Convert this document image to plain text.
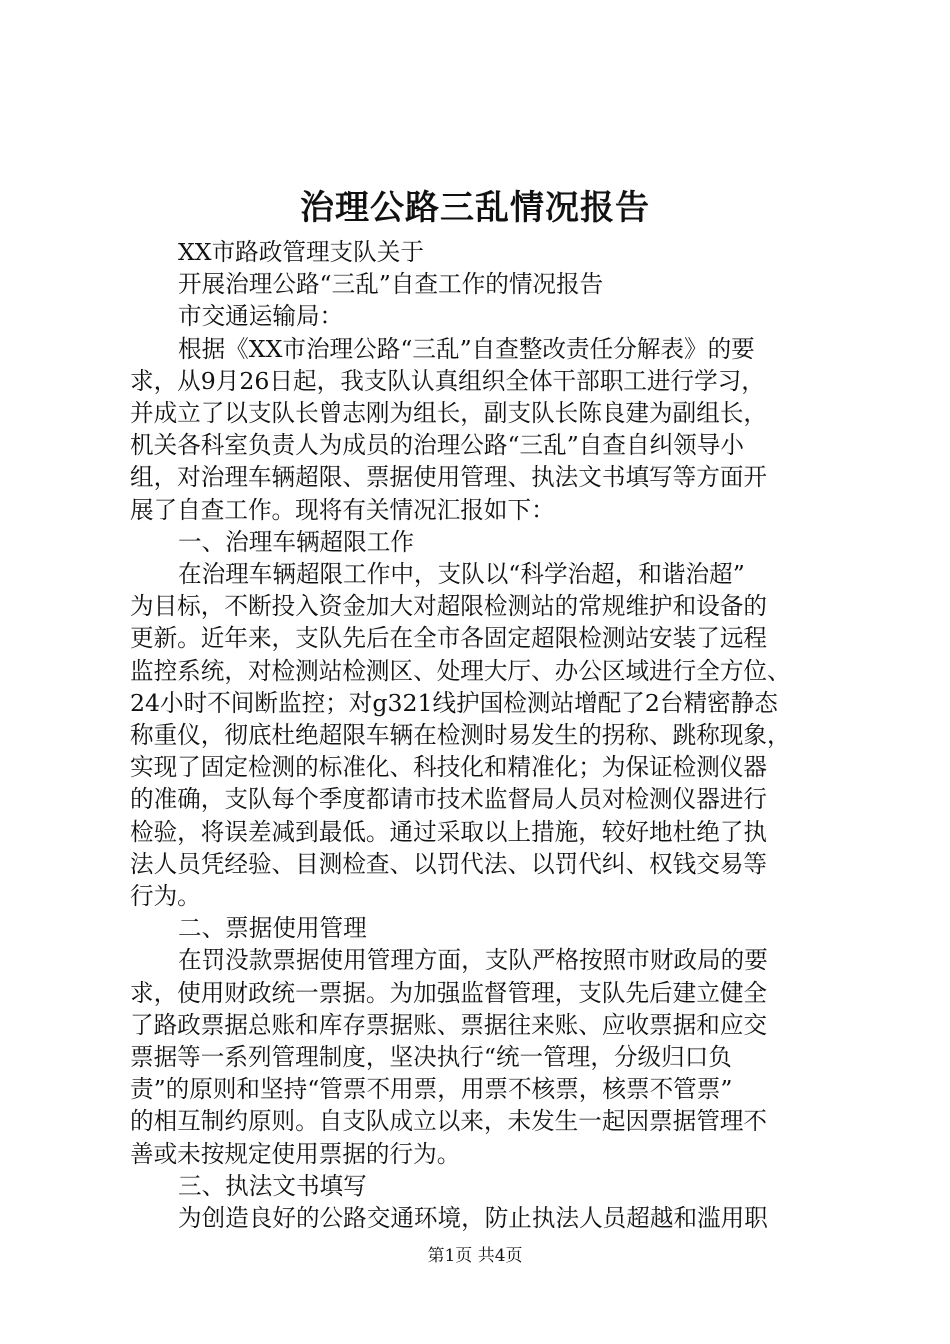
治理公路三乱情况报告
XX市路政管理支队关于
开展治理公路“三乱”自查工作的情况报告
市交通运输局：
根据《XX市治理公路“三乱”自查整改责任分解表》的要
求，从9月26日起，我支队认真组织全体干部职工进行学习，
并成立了以支队长曾志刚为组长，副支队长陈良建为副组长，
机关各科室负责人为成员的治理公路“三乱”自查自纠领导小
组，对治理车辆超限、票据使用管理、执法文书填写等方面开
展了自查工作。现将有关情况汇报如下：
一、治理车辆超限工作
在治理车辆超限工作中，支队以“科学治超，和谐治超”
为目标，不断投入资金加大对超限检测站的常规维护和设备的
更新。近年来，支队先后在全市各固定超限检测站安装了远程
监控系统，对检测站检测区、处理大厅、办公区域进行全方位、
24小时不间断监控；对g321线护国检测站增配了2台精密静态
称重仪，彻底杜绝超限车辆在检测时易发生的拐称、跳称现象，
实现了固定检测的标准化、科技化和精准化；为保证检测仪器
的准确，支队每个季度都请市技术监督局人员对检测仪器进行
检验，将误差减到最低。通过采取以上措施，较好地杜绝了执
法人员凭经验、目测检查、以罚代法、以罚代纠、权钱交易等
行为。
二、票据使用管理
在罚没款票据使用管理方面，支队严格按照市财政局的要
求，使用财政统一票据。为加强监督管理，支队先后建立健全
了路政票据总账和库存票据账、票据往来账、应收票据和应交
票据等一系列管理制度，坚决执行“统一管理，分级归口负
责”的原则和坚持“管票不用票，用票不核票，核票不管票”
的相互制约原则。自支队成立以来，未发生一起因票据管理不
善或未按规定使用票据的行为。
三、执法文书填写
为创造良好的公路交通环境，防止执法人员超越和滥用职
第1页 共4页
